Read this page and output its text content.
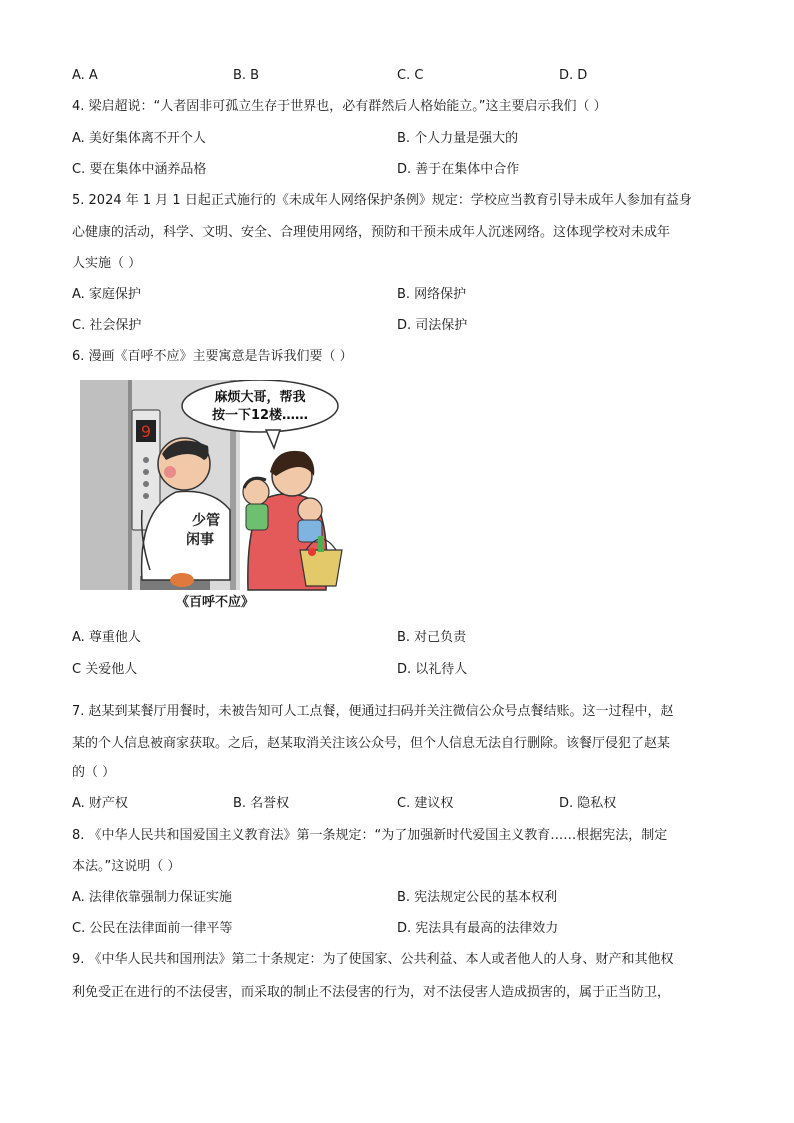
A. A	B. B	C. C	D. D
4. 梁启超说：“人者固非可孤立生存于世界也，必有群然后人格始能立。”这主要启示我们（ ）
A. 美好集体离不开个人	B. 个人力量是强大的
C. 要在集体中涵养品格	D. 善于在集体中合作
5. 2024 年 1 月 1 日起正式施行的《未成年人网络保护条例》规定：学校应当教育引导未成年人参加有益身
心健康的活动，科学、文明、安全、合理使用网络，预防和干预未成年人沉迷网络。这体现学校对未成年
人实施（ ）
A. 家庭保护	B. 网络保护
C. 社会保护	D. 司法保护
6. 漫画《百呼不应》主要寓意是告诉我们要（ ）
9
少管
闲事
麻烦大哥，帮我
按一下12楼……
《百呼不应》
A. 尊重他人	B. 对己负责
C 关爱他人	D. 以礼待人
7. 赵某到某餐厅用餐时，未被告知可人工点餐，便通过扫码并关注微信公众号点餐结账。这一过程中，赵
某的个人信息被商家获取。之后，赵某取消关注该公众号，但个人信息无法自行删除。该餐厅侵犯了赵某
的（ ）
A. 财产权	B. 名誉权	C. 建议权	D. 隐私权
8. 《中华人民共和国爱国主义教育法》第一条规定：“为了加强新时代爱国主义教育……根据宪法，制定
本法。”这说明（ ）
A. 法律依靠强制力保证实施	B. 宪法规定公民的基本权利
C. 公民在法律面前一律平等	D. 宪法具有最高的法律效力
9. 《中华人民共和国刑法》第二十条规定：为了使国家、公共利益、本人或者他人的人身、财产和其他权
利免受正在进行的不法侵害，而采取的制止不法侵害的行为，对不法侵害人造成损害的，属于正当防卫，
